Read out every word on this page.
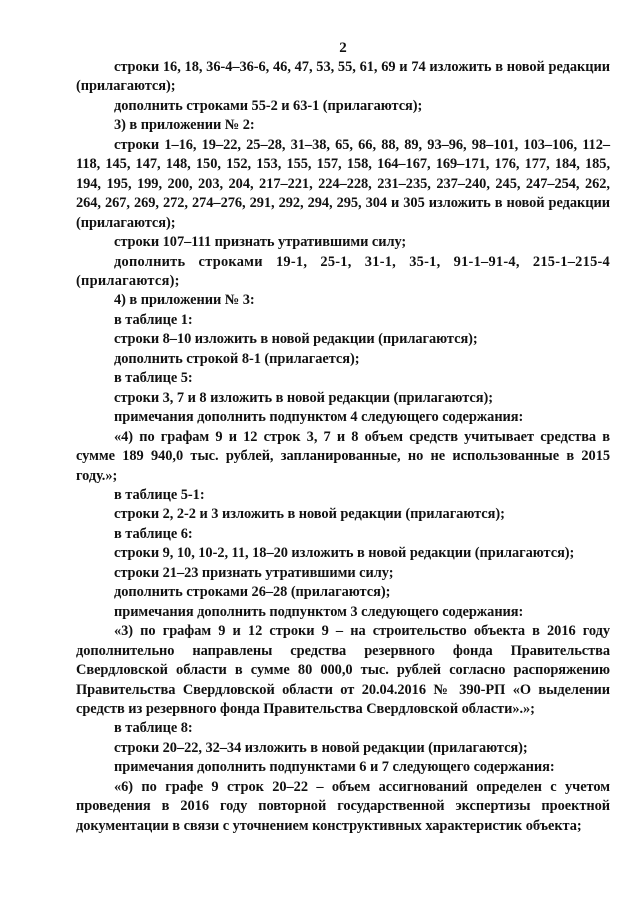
2

строки 16, 18, 36-4–36-6, 46, 47, 53, 55, 61, 69 и 74 изложить в новой редакции (прилагаются);

дополнить строками 55-2 и 63-1 (прилагаются);

3) в приложении № 2:

строки 1–16, 19–22, 25–28, 31–38, 65, 66, 88, 89, 93–96, 98–101, 103–106, 112– 118, 145, 147, 148, 150, 152, 153, 155, 157, 158, 164–167, 169–171, 176, 177, 184, 185, 194, 195, 199, 200, 203, 204, 217–221, 224–228, 231–235, 237–240, 245, 247–254, 262, 264, 267, 269, 272, 274–276, 291, 292, 294, 295, 304 и 305 изложить в новой редакции (прилагаются);

строки 107–111 признать утратившими силу;

дополнить строками 19-1, 25-1, 31-1, 35-1, 91-1–91-4, 215-1–215-4 (прилагаются);

4) в приложении № 3:

в таблице 1:

строки 8–10 изложить в новой редакции (прилагаются);

дополнить строкой 8-1 (прилагается);

в таблице 5:

строки 3, 7 и 8 изложить в новой редакции (прилагаются);

примечания дополнить подпунктом 4 следующего содержания:

«4) по графам 9 и 12 строк 3, 7 и 8 объем средств учитывает средства в сумме 189 940,0 тыс. рублей, запланированные, но не использованные в 2015 году.»;

в таблице 5-1:

строки 2, 2-2 и 3 изложить в новой редакции (прилагаются);

в таблице 6:

строки 9, 10, 10-2, 11, 18–20 изложить в новой редакции (прилагаются);

строки 21–23 признать утратившими силу;

дополнить строками 26–28 (прилагаются);

примечания дополнить подпунктом 3 следующего содержания:

«3) по графам 9 и 12 строки 9 – на строительство объекта в 2016 году дополнительно направлены средства резервного фонда Правительства Свердловской области в сумме 80 000,0 тыс. рублей согласно распоряжению Правительства Свердловской области от 20.04.2016 № 390-РП «О выделении средств из резервного фонда Правительства Свердловской области».»;

в таблице 8:

строки 20–22, 32–34 изложить в новой редакции (прилагаются);

примечания дополнить подпунктами 6 и 7 следующего содержания:

«6) по графе 9 строк 20–22 – объем ассигнований определен с учетом проведения в 2016 году повторной государственной экспертизы проектной документации в связи с уточнением конструктивных характеристик объекта;
